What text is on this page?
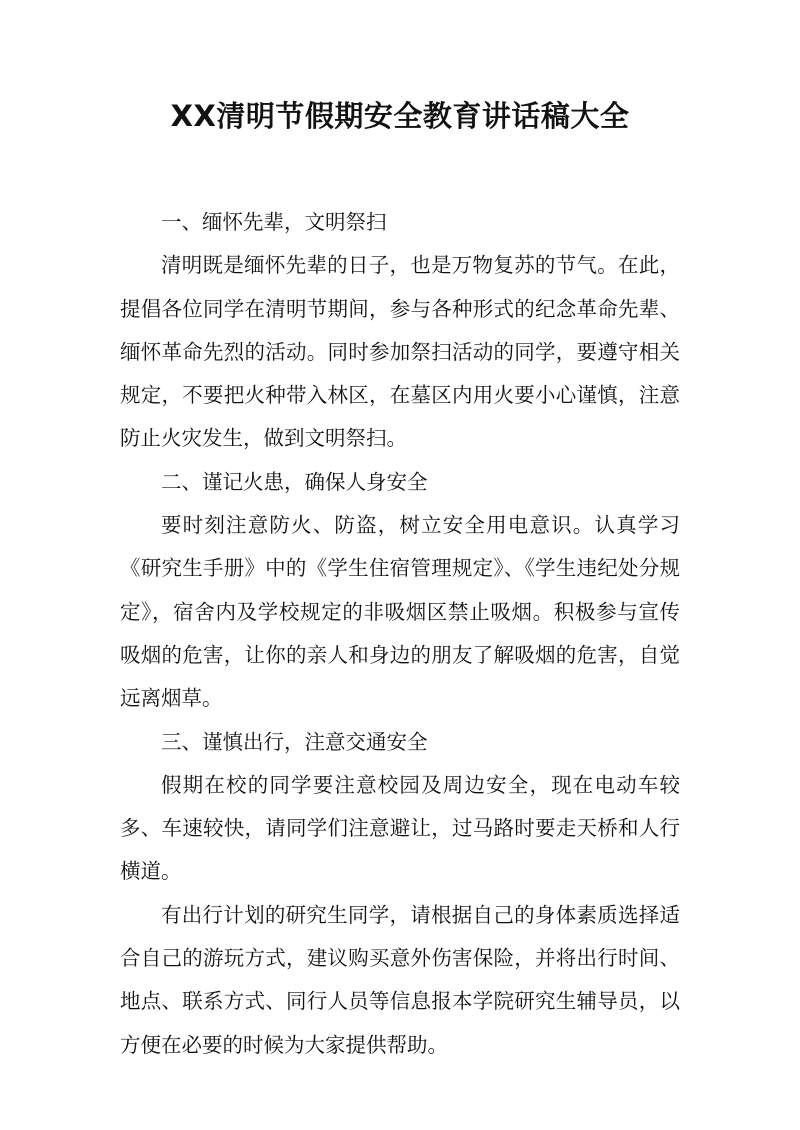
XX清明节假期安全教育讲话稿大全

一、缅怀先辈，文明祭扫

清明既是缅怀先辈的日子，也是万物复苏的节气。在此，提倡各位同学在清明节期间，参与各种形式的纪念革命先辈、缅怀革命先烈的活动。同时参加祭扫活动的同学，要遵守相关规定，不要把火种带入林区，在墓区内用火要小心谨慎，注意防止火灾发生，做到文明祭扫。

二、谨记火患，确保人身安全

要时刻注意防火、防盗，树立安全用电意识。认真学习《研究生手册》中的《学生住宿管理规定》、《学生违纪处分规定》，宿舍内及学校规定的非吸烟区禁止吸烟。积极参与宣传吸烟的危害，让你的亲人和身边的朋友了解吸烟的危害，自觉远离烟草。

三、谨慎出行，注意交通安全

假期在校的同学要注意校园及周边安全，现在电动车较多、车速较快，请同学们注意避让，过马路时要走天桥和人行横道。

有出行计划的研究生同学，请根据自己的身体素质选择适合自己的游玩方式，建议购买意外伤害保险，并将出行时间、地点、联系方式、同行人员等信息报本学院研究生辅导员，以方便在必要的时候为大家提供帮助。
